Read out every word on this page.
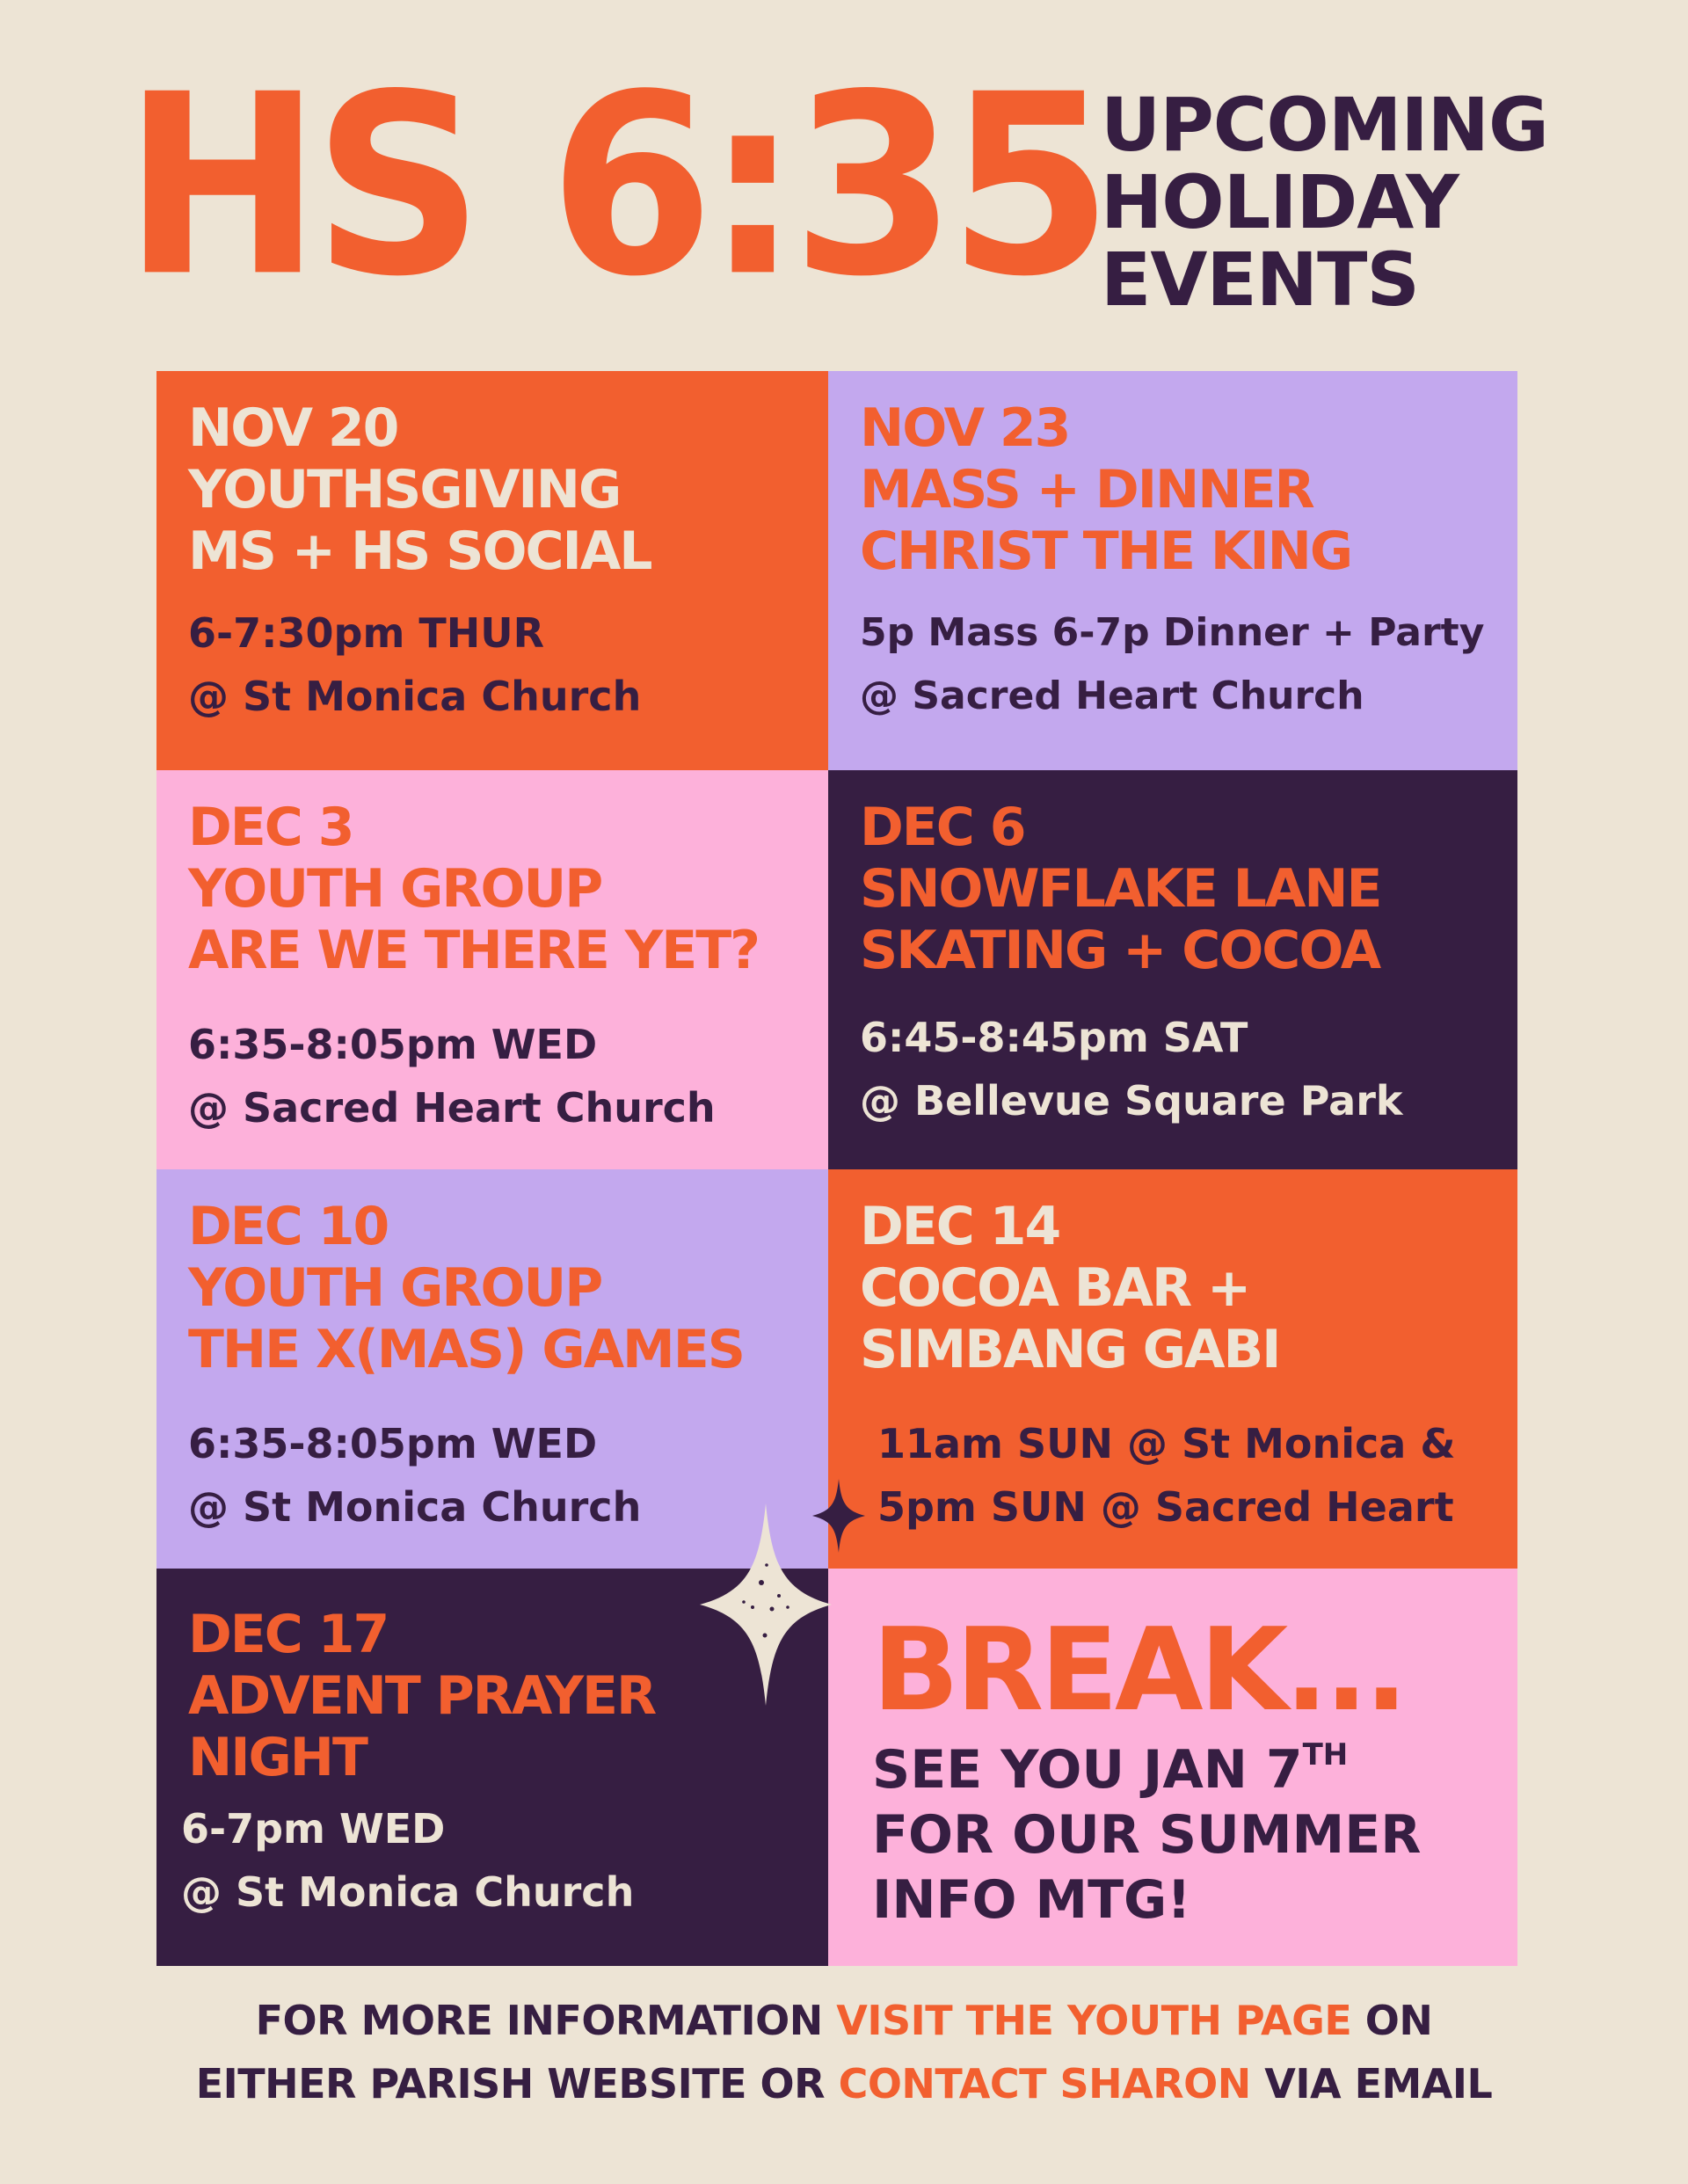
HS 6:35
UPCOMING
HOLIDAY
EVENTS
NOV 20
YOUTHSGIVING
MS + HS SOCIAL
6-7:30pm THUR
@ St Monica Church
NOV 23
MASS + DINNER
CHRIST THE KING
5p Mass 6-7p Dinner + Party
@ Sacred Heart Church
DEC 3
YOUTH GROUP
ARE WE THERE YET?
6:35-8:05pm WED
@ Sacred Heart Church
DEC 6
SNOWFLAKE LANE
SKATING + COCOA
6:45-8:45pm SAT
@ Bellevue Square Park
DEC 10
YOUTH GROUP
THE X(MAS) GAMES
6:35-8:05pm WED
@ St Monica Church
DEC 14
COCOA BAR +
SIMBANG GABI
11am SUN @ St Monica &
5pm SUN @ Sacred Heart
DEC 17
ADVENT PRAYER
NIGHT
6-7pm WED
@ St Monica Church
BREAK...
SEE YOU JAN 7TH
FOR OUR SUMMER
INFO MTG!
FOR MORE INFORMATION VISIT THE YOUTH PAGE ON
EITHER PARISH WEBSITE OR CONTACT SHARON VIA EMAIL
